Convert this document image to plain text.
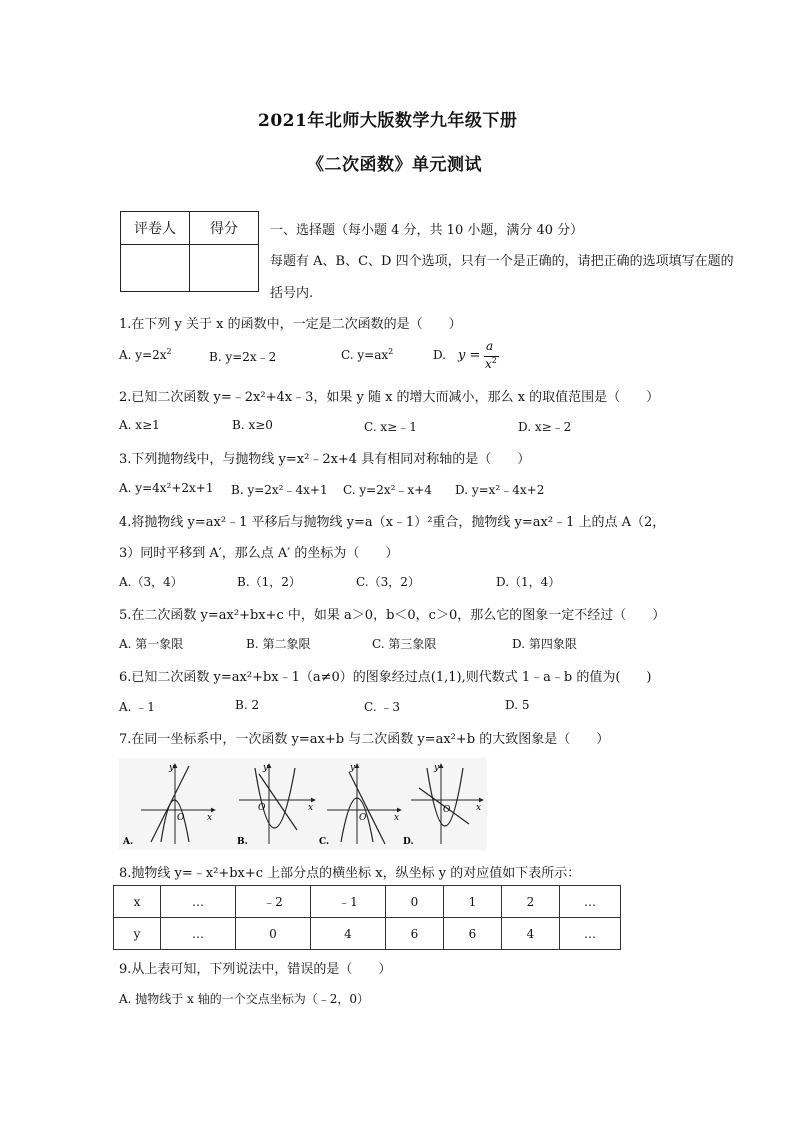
2021年北师大版数学九年级下册
《二次函数》单元测试
评卷人	得分
	一、选择题（每小题 4 分，共 10 小题，满分 40 分）
每题有 A、B、C、D 四个选项，只有一个是正确的，请把正确的选项填写在题的
括号内.
1.在下列 y 关于 x 的函数中，一定是二次函数的是（　　）
A. $y=2x^2$	B. y=2x﹣2	C. $y=ax^2$	D. y =
a
$x^2$
2.已知二次函数 y=﹣2x²+4x﹣3，如果 y 随 x 的增大而减小，那么 x 的取值范围是（　　）
A. x≥1	B. x≥0	C. x≥﹣1	D. x≥﹣2
3.下列抛物线中，与抛物线 y=x²﹣2x+4 具有相同对称轴的是（　　）
A. y=4x²+2x+1 B. y=2x²﹣4x+1 C. y=2x²﹣x+4 D. y=x²﹣4x+2
4.将抛物线 y=ax²﹣1 平移后与抛物线 y=a（x﹣1）²重合，抛物线 y=ax²﹣1 上的点 A（2，
3）同时平移到 A′，那么点 A′ 的坐标为（　　）
A.（3，4）	B.（1，2）	C.（3，2）	D.（1，4）
5.在二次函数 y=ax²+bx+c 中，如果 a＞0，b＜0，c＞0，那么它的图象一定不经过（　　）
A. 第一象限	B. 第二象限	C. 第三象限	D. 第四象限
6.已知二次函数 y=ax²+bx﹣1（a≠0）的图象经过点(1,1),则代数式 1﹣a﹣b 的值为(　　)
A. ﹣1	B. 2	C. ﹣3	D. 5
7.在同一坐标系中，一次函数 y=ax+b 与二次函数 y=ax²+b 的大致图象是（　　）
y
x
O
A.
y
x
O
B.
y
x
O
C.
y
x
O
D.
8.抛物线 y=﹣x²+bx+c 上部分点的横坐标 x，纵坐标 y 的对应值如下表所示：
x	…	﹣2	﹣1	0	1	2	…
y	…	0	4	6	6	4	…
9.从上表可知，下列说法中，错误的是（　　）
A. 抛物线于 x 轴的一个交点坐标为（﹣2，0）
